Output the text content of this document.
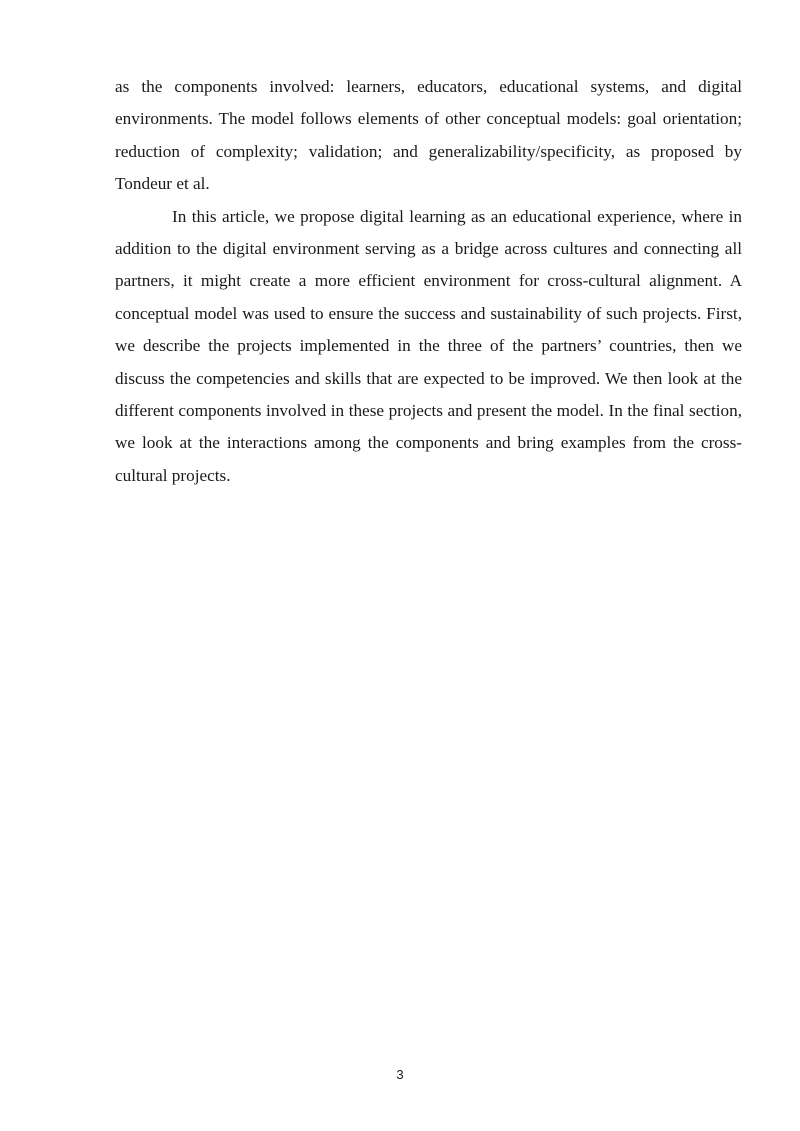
as the components involved: learners, educators, educational systems, and digital environments. The model follows elements of other conceptual models: goal orientation; reduction of complexity; validation; and generalizability/specificity, as proposed by Tondeur et al.

In this article, we propose digital learning as an educational experience, where in addition to the digital environment serving as a bridge across cultures and connecting all partners, it might create a more efficient environment for cross-cultural alignment. A conceptual model was used to ensure the success and sustainability of such projects. First, we describe the projects implemented in the three of the partners’ countries, then we discuss the competencies and skills that are expected to be improved. We then look at the different components involved in these projects and present the model. In the final section, we look at the interactions among the components and bring examples from the cross-cultural projects.

3
